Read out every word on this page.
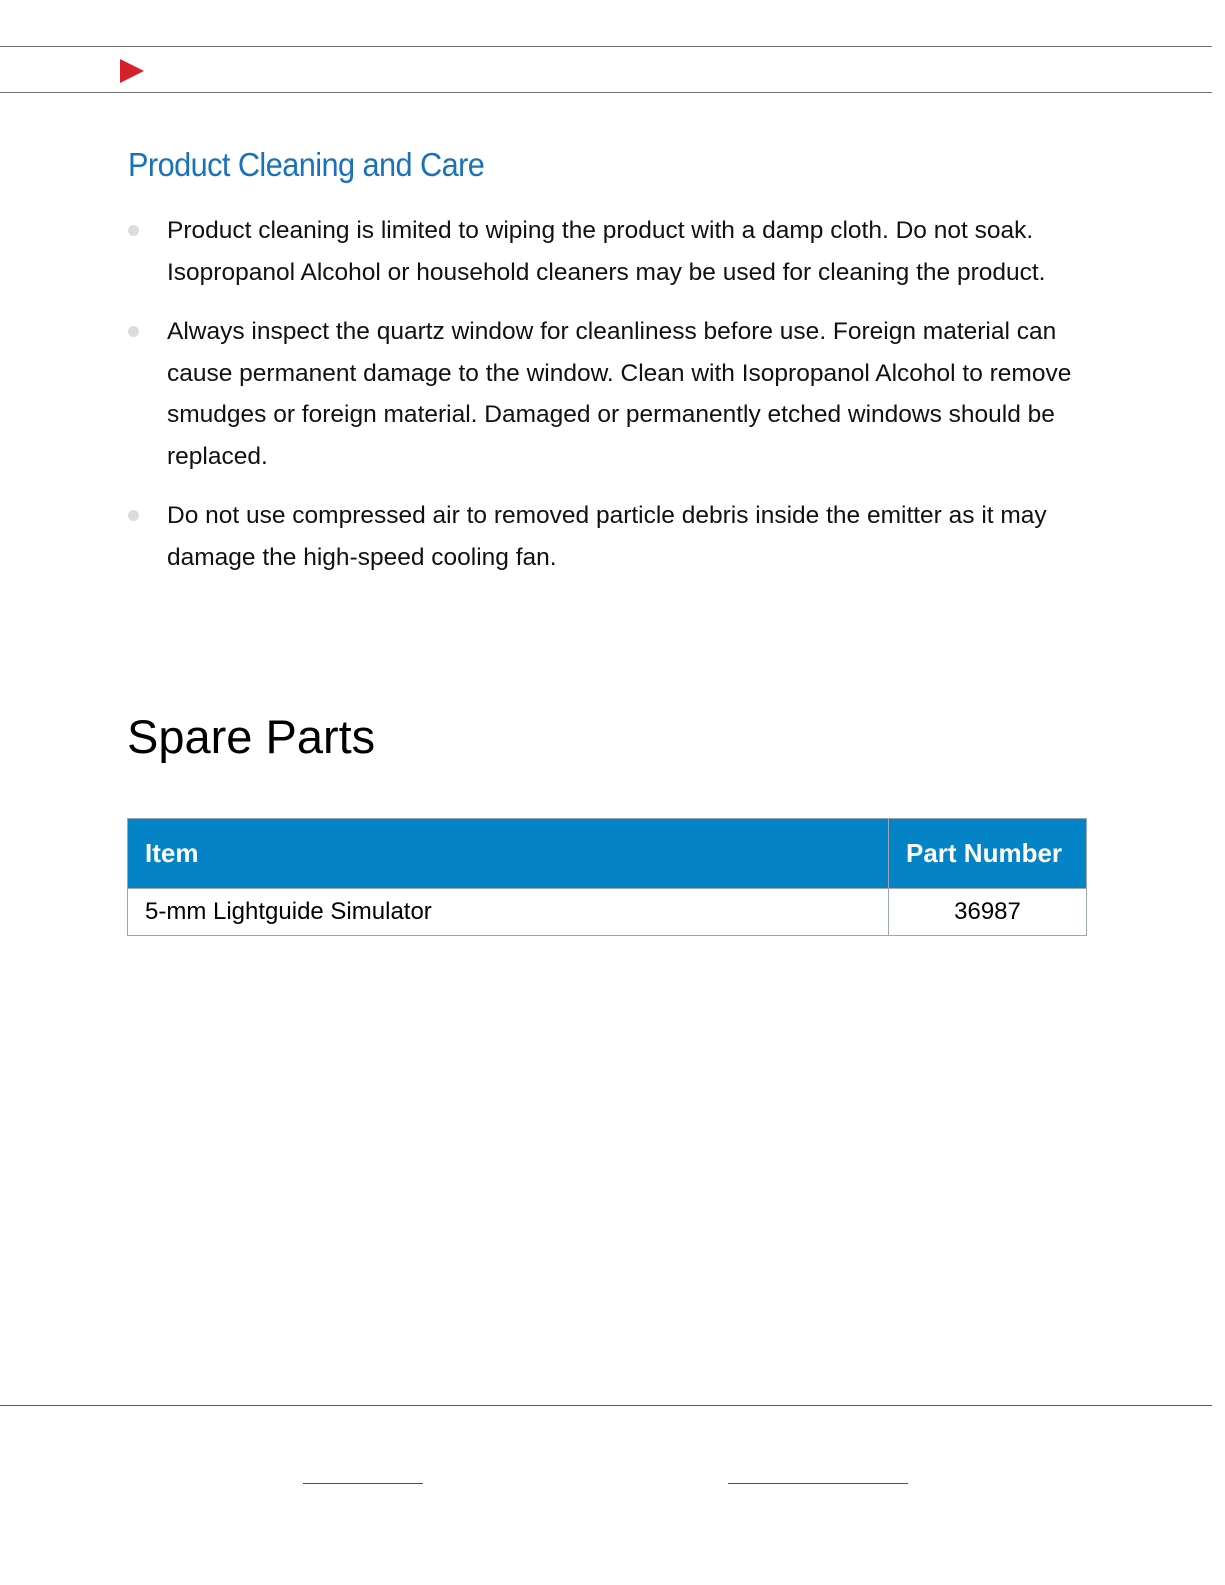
Product Cleaning and Care
Product cleaning is limited to wiping the product with a damp cloth. Do not soak. Isopropanol Alcohol or household cleaners may be used for cleaning the product.
Always inspect the quartz window for cleanliness before use. Foreign material can cause permanent damage to the window. Clean with Isopropanol Alcohol to remove smudges or foreign material. Damaged or permanently etched windows should be replaced.
Do not use compressed air to removed particle debris inside the emitter as it may damage the high-speed cooling fan.
Spare Parts
Item	Part Number
5-mm Lightguide Simulator	36987
